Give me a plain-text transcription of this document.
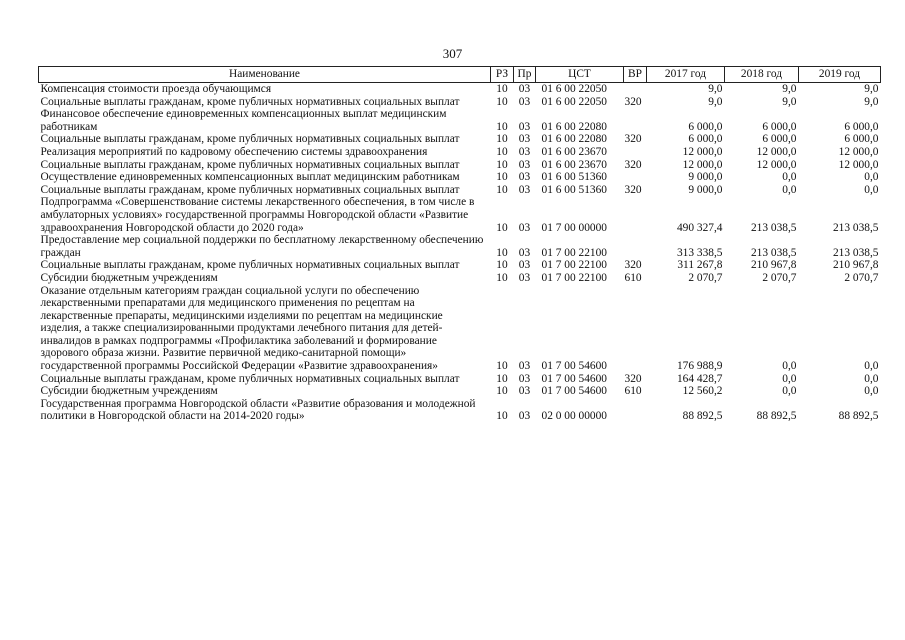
307
Наименование	РЗ	Пр	ЦСТ	ВР	2017 год	2018 год	2019 год
Компенсация стоимости проезда обучающимся	10	03	01 6 00 22050		9,0	9,0	9,0
Социальные выплаты гражданам, кроме публичных нормативных социальных выплат	10	03	01 6 00 22050	320	9,0	9,0	9,0
Финансовое обеспечение единовременных компенсационных выплат медицинским работникам	10	03	01 6 00 22080		6 000,0	6 000,0	6 000,0
Социальные выплаты гражданам, кроме публичных нормативных социальных выплат	10	03	01 6 00 22080	320	6 000,0	6 000,0	6 000,0
Реализация мероприятий по кадровому обеспечению системы здравоохранения	10	03	01 6 00 23670		12 000,0	12 000,0	12 000,0
Социальные выплаты гражданам, кроме публичных нормативных социальных выплат	10	03	01 6 00 23670	320	12 000,0	12 000,0	12 000,0
Осуществление единовременных компенсационных выплат медицинским работникам	10	03	01 6 00 51360		9 000,0	0,0	0,0
Социальные выплаты гражданам, кроме публичных нормативных социальных выплат	10	03	01 6 00 51360	320	9 000,0	0,0	0,0
Подпрограмма «Совершенствование системы лекарственного обеспечения, в том числе в амбулаторных условиях» государственной программы Новгородской области «Развитие здравоохранения Новгородской области до 2020 года»	10	03	01 7 00 00000		490 327,4	213 038,5	213 038,5
Предоставление мер социальной поддержки по бесплатному лекарственному обеспечению граждан	10	03	01 7 00 22100		313 338,5	213 038,5	213 038,5
Социальные выплаты гражданам, кроме публичных нормативных социальных выплат	10	03	01 7 00 22100	320	311 267,8	210 967,8	210 967,8
Субсидии бюджетным учреждениям	10	03	01 7 00 22100	610	2 070,7	2 070,7	2 070,7
Оказание отдельным категориям граждан социальной услуги по обеспечению лекарственными препаратами для медицинского применения по рецептам на лекарственные препараты, медицинскими изделиями по рецептам на медицинские изделия, а также специализированными продуктами лечебного питания для детей-инвалидов в рамках подпрограммы «Профилактика заболеваний и формирование здорового образа жизни. Развитие первичной медико-санитарной помощи» государственной программы Российской Федерации «Развитие здравоохранения»	10	03	01 7 00 54600		176 988,9	0,0	0,0
Социальные выплаты гражданам, кроме публичных нормативных социальных выплат	10	03	01 7 00 54600	320	164 428,7	0,0	0,0
Субсидии бюджетным учреждениям	10	03	01 7 00 54600	610	12 560,2	0,0	0,0
Государственная программа Новгородской области «Развитие образования и молодежной политики в Новгородской области на 2014-2020 годы»	10	03	02 0 00 00000		88 892,5	88 892,5	88 892,5
